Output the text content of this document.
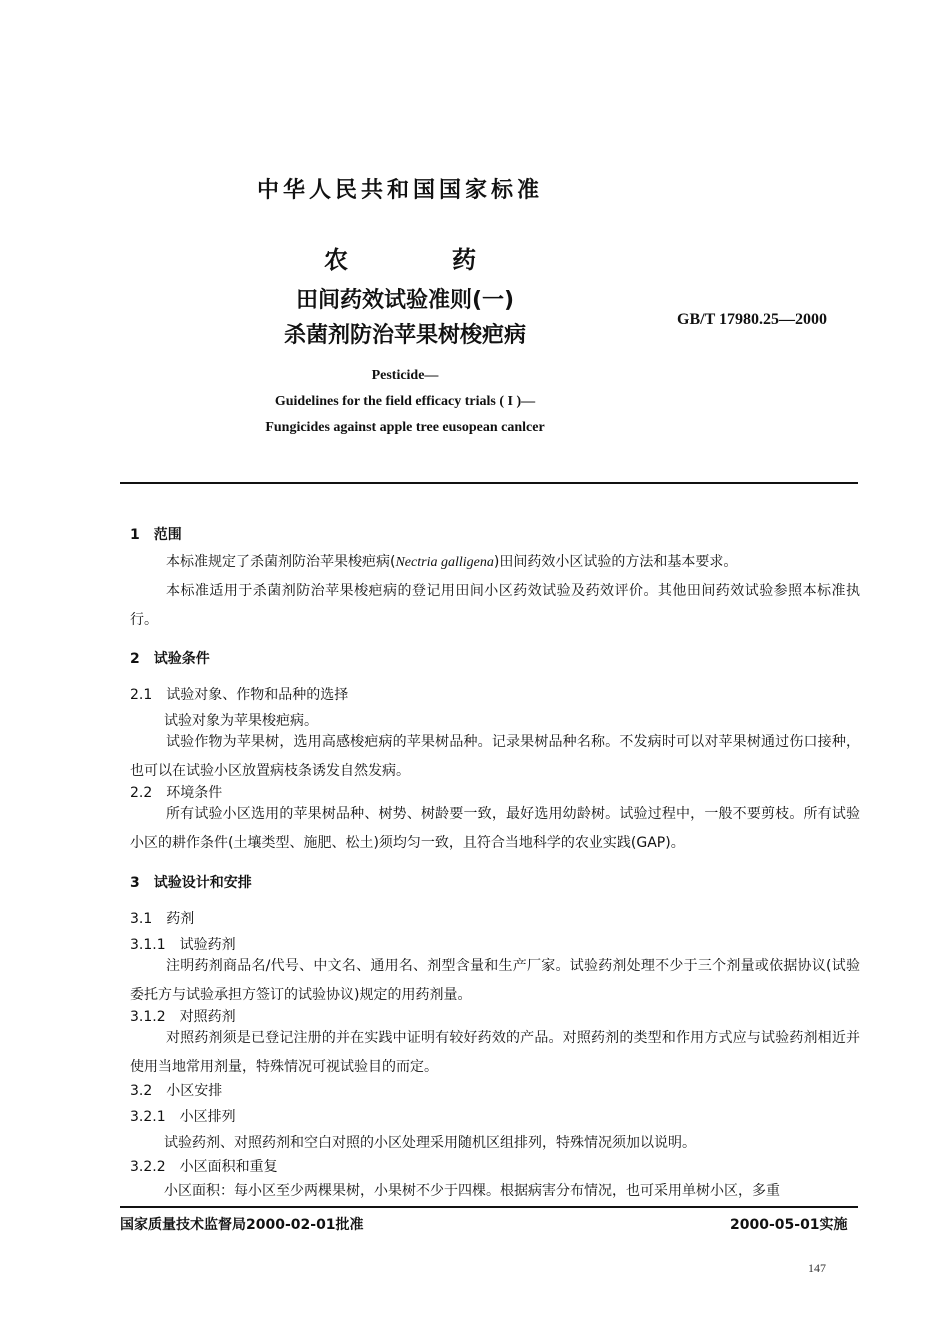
中华人民共和国国家标准
农　药
田间药效试验准则(一)
杀菌剂防治苹果树梭疤病
GB/T 17980.25—2000
Pesticide—
Guidelines for the field efficacy trials ( I )—
Fungicides against apple tree eusopean canlcer
1　范围
本标准规定了杀菌剂防治苹果梭疤病(Nectria galligena)田间药效小区试验的方法和基本要求。
本标准适用于杀菌剂防治苹果梭疤病的登记用田间小区药效试验及药效评价。其他田间药效试验参照本标准执行。
2　试验条件
2.1　试验对象、作物和品种的选择
试验对象为苹果梭疤病。
试验作物为苹果树，选用高感梭疤病的苹果树品种。记录果树品种名称。不发病时可以对苹果树通过伤口接种，也可以在试验小区放置病枝条诱发自然发病。
2.2　环境条件
所有试验小区选用的苹果树品种、树势、树龄要一致，最好选用幼龄树。试验过程中，一般不要剪枝。所有试验小区的耕作条件(土壤类型、施肥、松土)须均匀一致，且符合当地科学的农业实践(GAP)。
3　试验设计和安排
3.1　药剂
3.1.1　试验药剂
注明药剂商品名/代号、中文名、通用名、剂型含量和生产厂家。试验药剂处理不少于三个剂量或依据协议(试验委托方与试验承担方签订的试验协议)规定的用药剂量。
3.1.2　对照药剂
对照药剂须是已登记注册的并在实践中证明有较好药效的产品。对照药剂的类型和作用方式应与试验药剂相近并使用当地常用剂量，特殊情况可视试验目的而定。
3.2　小区安排
3.2.1　小区排列
试验药剂、对照药剂和空白对照的小区处理采用随机区组排列，特殊情况须加以说明。
3.2.2　小区面积和重复
小区面积：每小区至少两棵果树，小果树不少于四棵。根据病害分布情况，也可采用单树小区，多重
国家质量技术监督局2000-02-01批准	2000-05-01实施
147
